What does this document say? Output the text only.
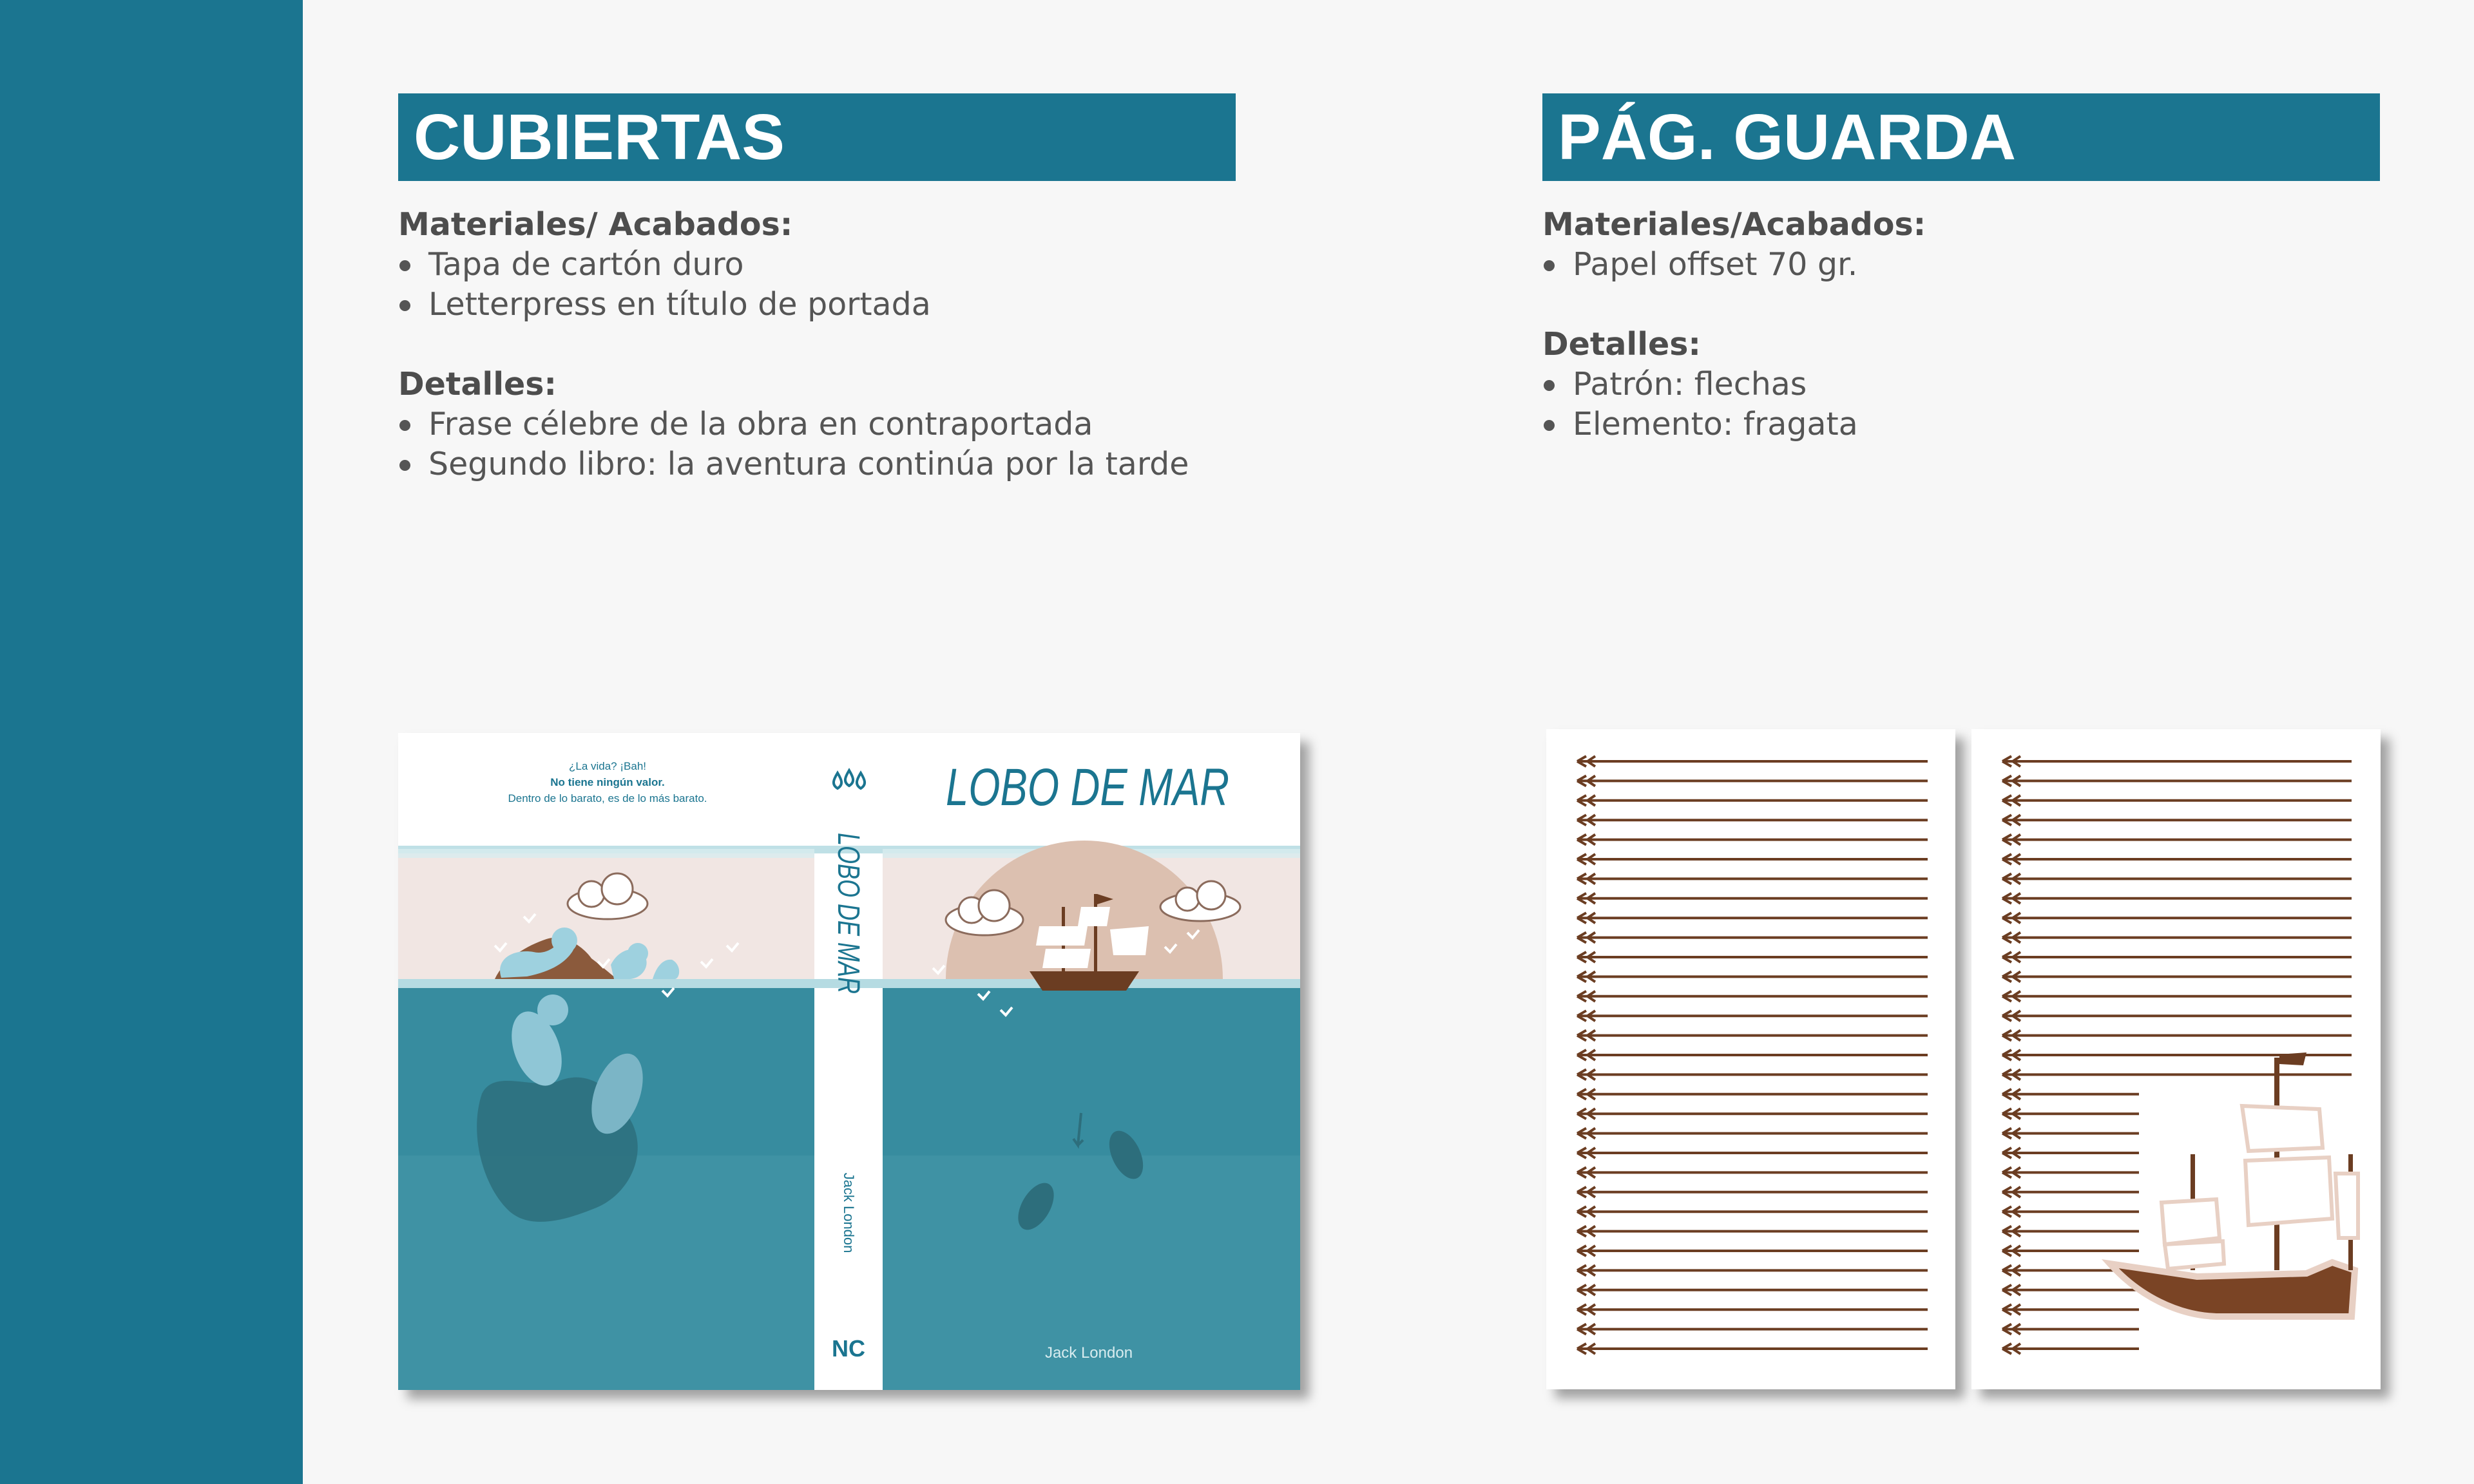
CUBIERTAS
Materiales/ Acabados:
Tapa de cartón duro
Letterpress en título de portada
Detalles:
Frase célebre de la obra en contraportada
Segundo libro: la aventura continúa por la tarde
PÁG. GUARDA
Materiales/Acabados:
Papel offset 70 gr.
Detalles:
Patrón: flechas
Elemento: fragata
¿La vida? ¡Bah!
No tiene ningún valor.
Dentro de lo barato, es de lo más barato.	LOBO DE MAR
LOBO DE MAR
Jack London
NC	Jack London
